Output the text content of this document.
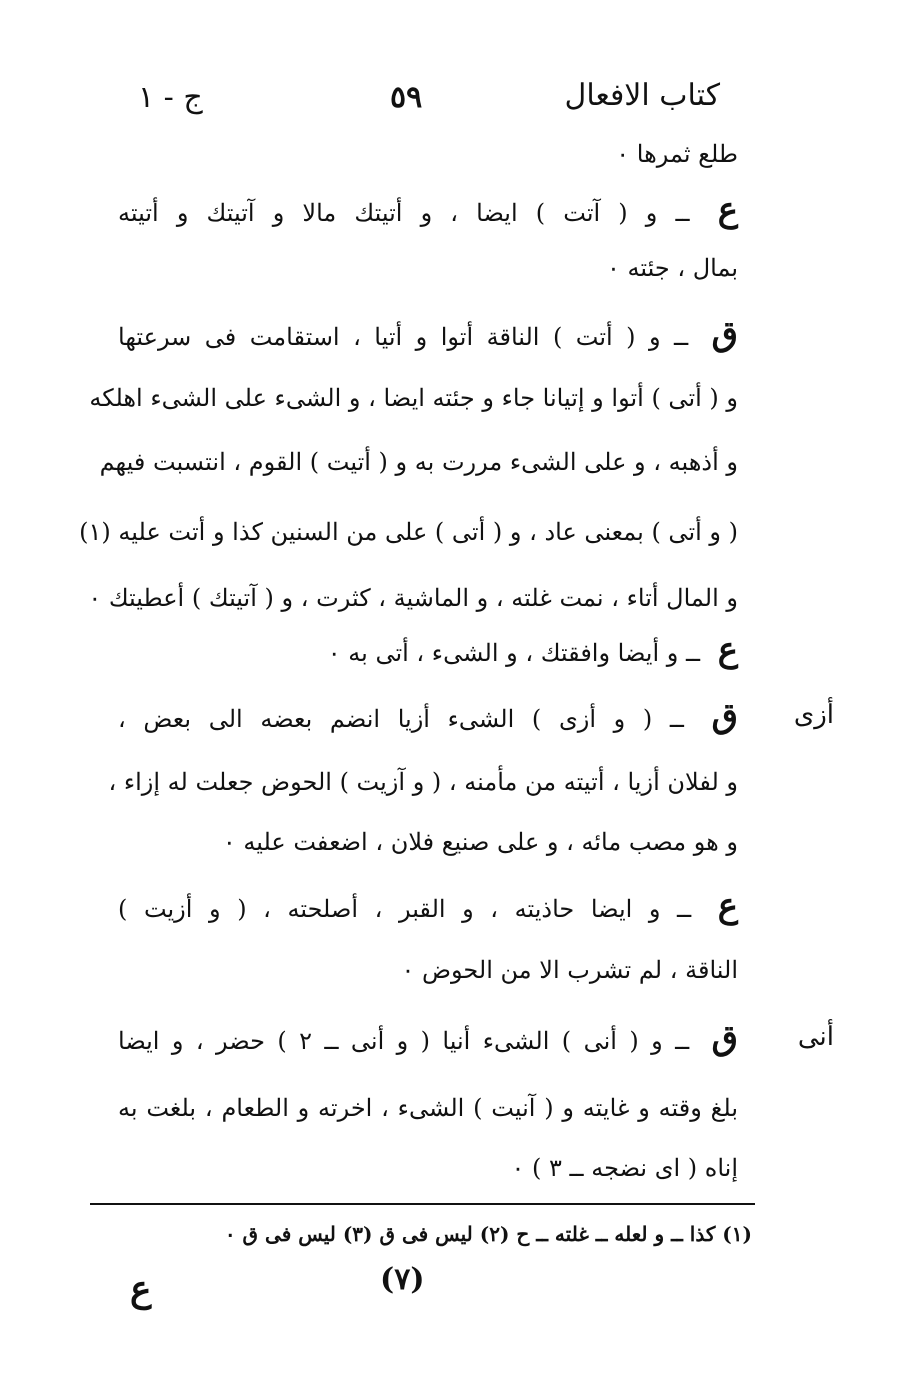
كتاب الافعال
٥٩
ج - ١
طلع ثمرها ٠
ع ــ و ( آتت ) ايضا ، و أتيتك مالا و آتيتك و أتيته
بمال ، جئته ٠
ق ــ و ( أتت ) الناقة أتوا و أتيا ، استقامت فى سرعتها
و ( أتى ) أتوا و إتيانا جاء و جئته ايضا ، و الشىء على الشىء اهلكه
و أذهبه ، و على الشىء مررت به و ( أتيت ) القوم ، انتسبت فيهم
( و أتى ) بمعنى عاد ، و ( أتى ) على من السنين كذا و أتت عليه (١)
و المال أتاء ، نمت غلته ، و الماشية ، كثرت ، و ( آتيتك ) أعطيتك ٠
ع ــ و أيضا وافقتك ، و الشىء ، أتى به ٠
أزى
ق ــ ( و أزى ) الشىء أزيا انضم بعضه الى بعض ،
و لفلان أزيا ، أتيته من مأمنه ، ( و آزيت ) الحوض جعلت له إزاء ،
و هو مصب مائه ، و على صنيع فلان ، اضعفت عليه ٠
ع ــ و ايضا حاذيته ، و القبر ، أصلحته ، ( و أزيت )
الناقة ، لم تشرب الا من الحوض ٠
أنى
ق ــ و ( أنى ) الشىء أنيا ( و أنى ــ ٢ ) حضر ، و ايضا
بلغ وقته و غايته و ( آنيت ) الشىء ، اخرته و الطعام ، بلغت به
إناه ( اى نضجه ــ ٣ ) ٠
(١) كذا ــ و لعله ــ غلته ــ ح (٢) ليس فى ق (٣) ليس فى ق ٠
(٧)
ع
